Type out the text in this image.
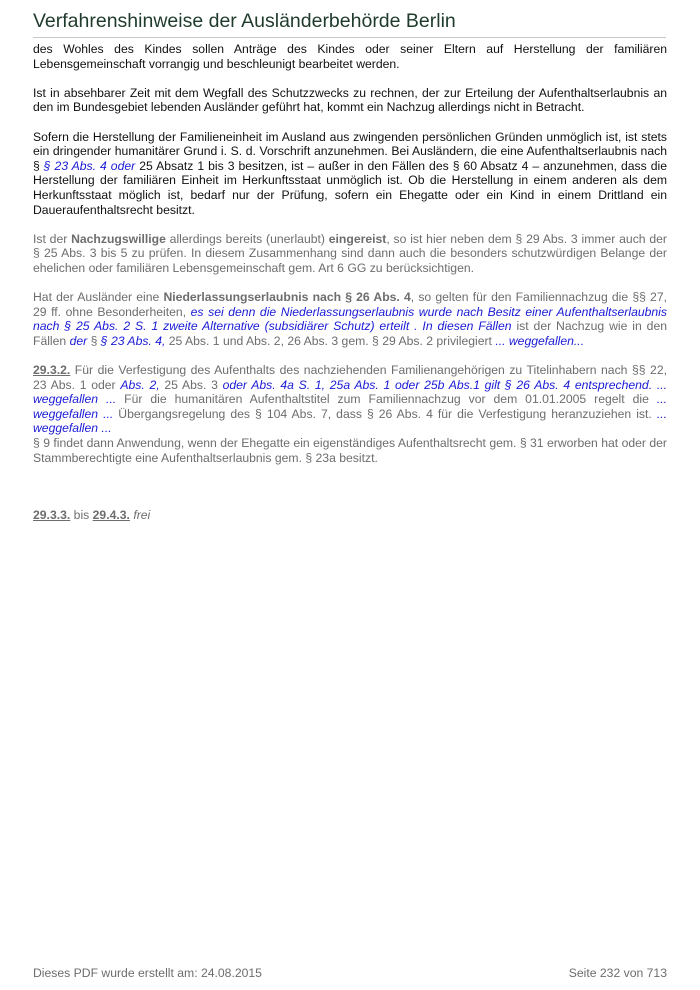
Verfahrenshinweise der Ausländerbehörde Berlin

des Wohles des Kindes sollen Anträge des Kindes oder seiner Eltern auf Herstellung der familiären Lebensgemeinschaft vorrangig und beschleunigt bearbeitet werden.

Ist in absehbarer Zeit mit dem Wegfall des Schutzzwecks zu rechnen, der zur Erteilung der Aufenthaltserlaubnis an den im Bundesgebiet lebenden Ausländer geführt hat, kommt ein Nachzug allerdings nicht in Betracht.

Sofern die Herstellung der Familieneinheit im Ausland aus zwingenden persönlichen Gründen unmöglich ist, ist stets ein dringender humanitärer Grund i. S. d. Vorschrift anzunehmen. Bei Ausländern, die eine Aufenthaltserlaubnis nach § § 23 Abs. 4 oder 25 Absatz 1 bis 3 besitzen, ist – außer in den Fällen des § 60 Absatz 4 – anzunehmen, dass die Herstellung der familiären Einheit im Herkunftsstaat unmöglich ist. Ob die Herstellung in einem anderen als dem Herkunftsstaat möglich ist, bedarf nur der Prüfung, sofern ein Ehegatte oder ein Kind in einem Drittland ein Daueraufenthaltsrecht besitzt.

Ist der Nachzugswillige allerdings bereits (unerlaubt) eingereist, so ist hier neben dem § 29 Abs. 3 immer auch der § 25 Abs. 3 bis 5 zu prüfen. In diesem Zusammenhang sind dann auch die besonders schutzwürdigen Belange der ehelichen oder familiären Lebensgemeinschaft gem. Art 6 GG zu berücksichtigen.

Hat der Ausländer eine Niederlassungserlaubnis nach § 26 Abs. 4, so gelten für den Familiennachzug die §§ 27, 29 ff. ohne Besonderheiten, es sei denn die Niederlassungserlaubnis wurde nach Besitz einer Aufenthaltserlaubnis nach § 25 Abs. 2 S. 1 zweite Alternative (subsidiärer Schutz) erteilt . In diesen Fällen ist der Nachzug wie in den Fällen der § § 23 Abs. 4, 25 Abs. 1 und Abs. 2, 26 Abs. 3 gem. § 29 Abs. 2 privilegiert ... weggefallen...

29.3.2. Für die Verfestigung des Aufenthalts des nachziehenden Familienangehörigen zu Titelinhabern nach §§ 22, 23 Abs. 1 oder Abs. 2, 25 Abs. 3 oder Abs. 4a S. 1, 25a Abs. 1 oder 25b Abs.1 gilt § 26 Abs. 4 entsprechend. ... weggefallen ... Für die humanitären Aufenthaltstitel zum Familiennachzug vor dem 01.01.2005 regelt die ... weggefallen ... Übergangsregelung des § 104 Abs. 7, dass § 26 Abs. 4 für die Verfestigung heranzuziehen ist. ... weggefallen ...
§ 9 findet dann Anwendung, wenn der Ehegatte ein eigenständiges Aufenthaltsrecht gem. § 31 erworben hat oder der Stammberechtigte eine Aufenthaltserlaubnis gem. § 23a besitzt.

29.3.3. bis 29.4.3. frei

Dieses PDF wurde erstellt am: 24.08.2015	Seite 232 von 713
